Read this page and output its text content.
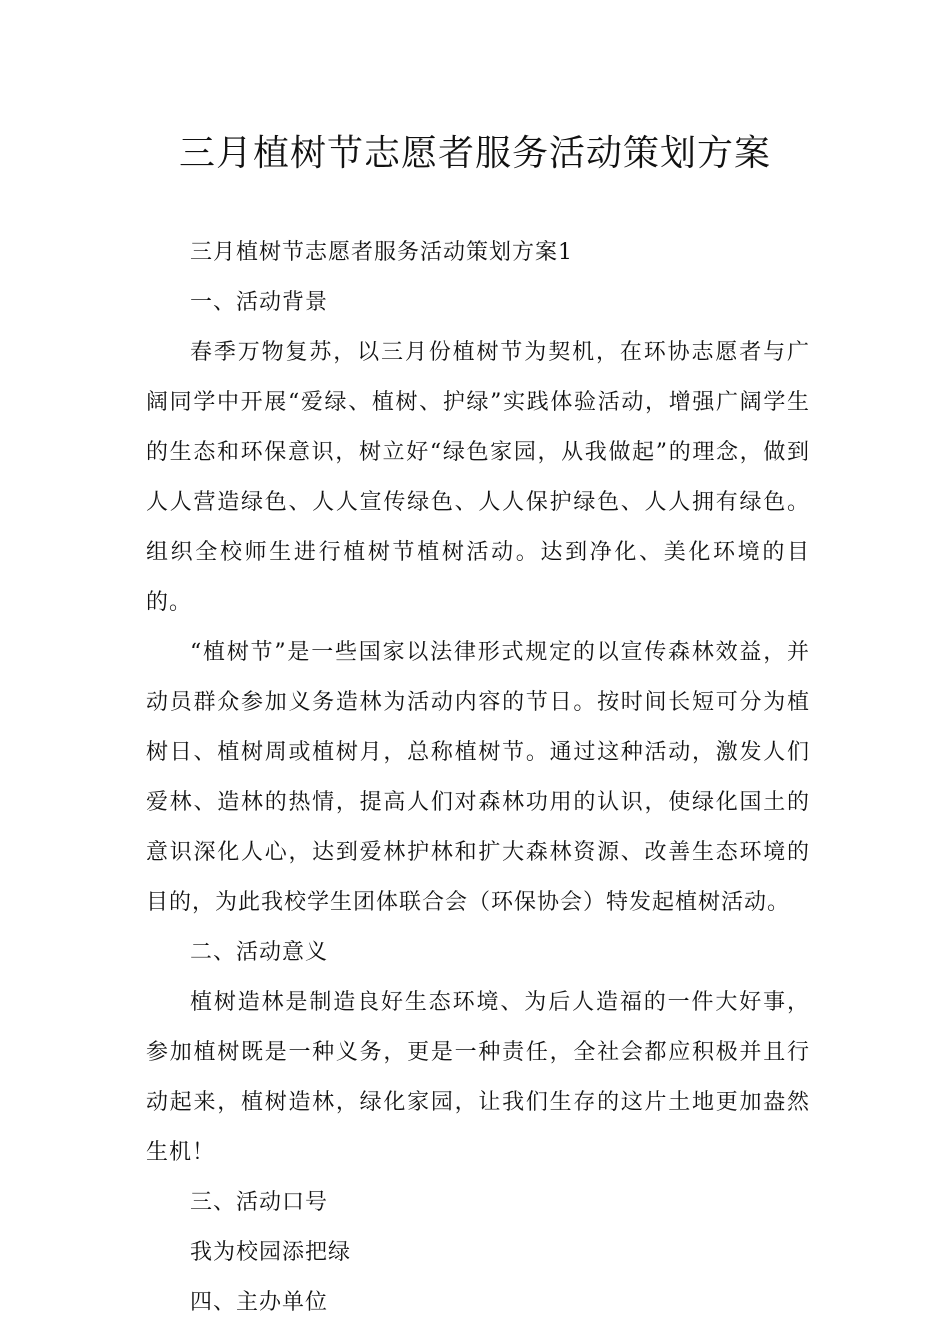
三月植树节志愿者服务活动策划方案

三月植树节志愿者服务活动策划方案1

一、活动背景

春季万物复苏，以三月份植树节为契机，在环协志愿者与广阔同学中开展“爱绿、植树、护绿”实践体验活动，增强广阔学生的生态和环保意识，树立好“绿色家园，从我做起”的理念，做到人人营造绿色、人人宣传绿色、人人保护绿色、人人拥有绿色。组织全校师生进行植树节植树活动。达到净化、美化环境的目的。

“植树节”是一些国家以法律形式规定的以宣传森林效益，并动员群众参加义务造林为活动内容的节日。按时间长短可分为植树日、植树周或植树月，总称植树节。通过这种活动，激发人们爱林、造林的热情，提高人们对森林功用的认识，使绿化国土的意识深化人心，达到爱林护林和扩大森林资源、改善生态环境的目的，为此我校学生团体联合会（环保协会）特发起植树活动。

二、活动意义

植树造林是制造良好生态环境、为后人造福的一件大好事，参加植树既是一种义务，更是一种责任，全社会都应积极并且行动起来，植树造林，绿化家园，让我们生存的这片土地更加盎然生机！

三、活动口号

我为校园添把绿

四、主办单位
